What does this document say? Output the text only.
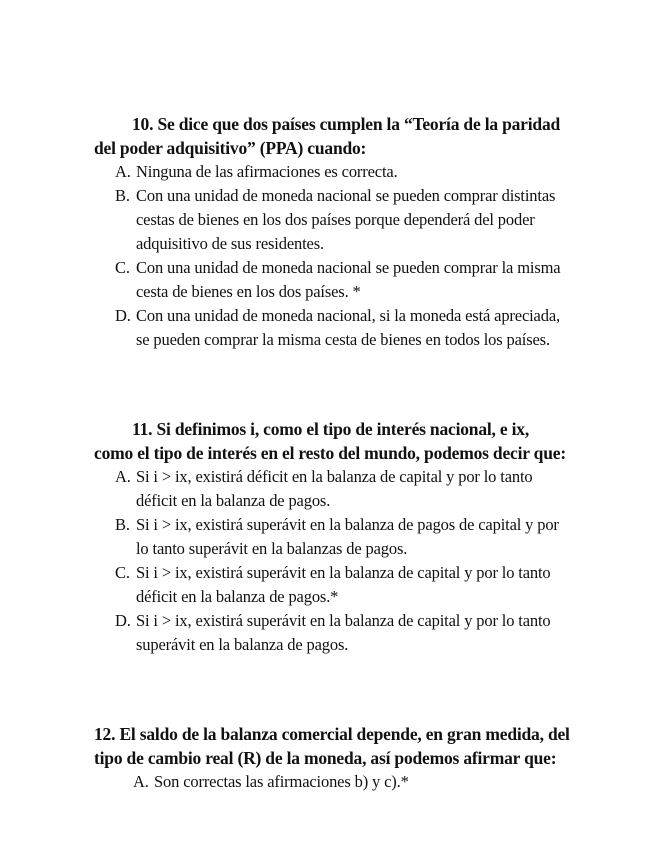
10. Se dice que dos países cumplen la “Teoría de la paridad del poder adquisitivo” (PPA) cuando:

A. Ninguna de las afirmaciones es correcta.
B. Con una unidad de moneda nacional se pueden comprar distintas cestas de bienes en los dos países porque dependerá del poder adquisitivo de sus residentes.
C. Con una unidad de moneda nacional se pueden comprar la misma cesta de bienes en los dos países. *
D. Con una unidad de moneda nacional, si la moneda está apreciada, se pueden comprar la misma cesta de bienes en todos los países.

11. Si definimos i, como el tipo de interés nacional, e ix, como el tipo de interés en el resto del mundo, podemos decir que:

A. Si i > ix, existirá déficit en la balanza de capital y por lo tanto déficit en la balanza de pagos.
B. Si i > ix, existirá superávit en la balanza de pagos de capital y por lo tanto superávit en la balanzas de pagos.
C. Si i > ix, existirá superávit en la balanza de capital y por lo tanto déficit en la balanza de pagos.*
D. Si i > ix, existirá superávit en la balanza de capital y por lo tanto superávit en la balanza de pagos.

12. El saldo de la balanza comercial depende, en gran medida, del tipo de cambio real (R) de la moneda, así podemos afirmar que:

A. Son correctas las afirmaciones b) y c).*
